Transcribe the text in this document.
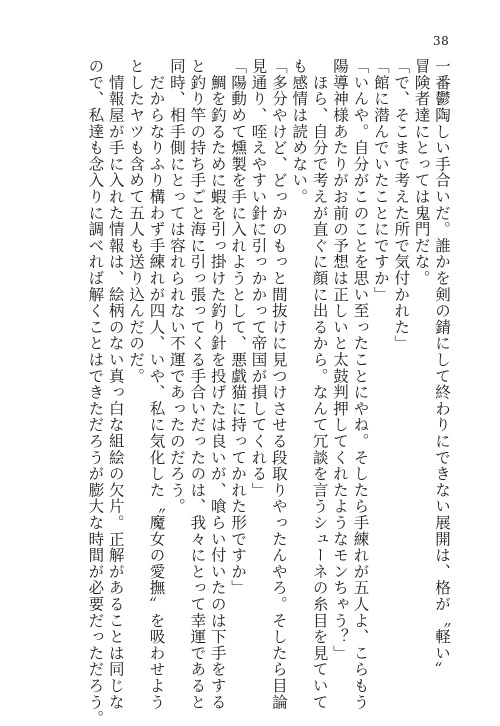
38
一番鬱陶しい手合いだ。誰かを剣の錆にして終わりにできない展開は、格が〝軽い〟
冒険者達にとっては鬼門だな。
「で、そこまで考えた所で気付かれた」
「館に潜んでいたことにですか」
「いんや。自分がこのことを思い至ったことにやね。そしたら手練れが五人よ、こらもう
陽導神様あたりがお前の予想は正しいと太鼓判押してくれたようなモンちゃう？」
　ほら、自分で考えが直ぐに顔に出るから。なんて冗談を言うシューネの糸目を見ていて
も感情は読めない。
「多分やけど、どっかのもっと間抜けに見つけさせる段取りやったんやろ。そしたら目論
見通り、咥えやすい針に引っかかって帝国が損してくれる」
「陽動めて燻製を手に入れようとして、悪戯猫に持ってかれた形ですか」
　鯛を釣るために蝦を引っ掛けた釣り針を投げたは良いが、喰らい付いたのは下手をする
と釣り竿の持ち手ごと海に引っ張ってくる手合いだったのは、我々にとって幸運であると
同時、相手側にとっては容れられない不運であったのだろう。
　だからなりふり構わず手練れが四人、いや、私に気化した〝魔女の愛撫〟を吸わせよう
としたヤツも含めて五人も送り込んだのだ。
　情報屋が手に入れた情報は、絵柄のない真っ白な組絵の欠片。正解があることは同じな
ので、私達も念入りに調べれば解くことはできただろうが膨大な時間が必要だっただろう。
